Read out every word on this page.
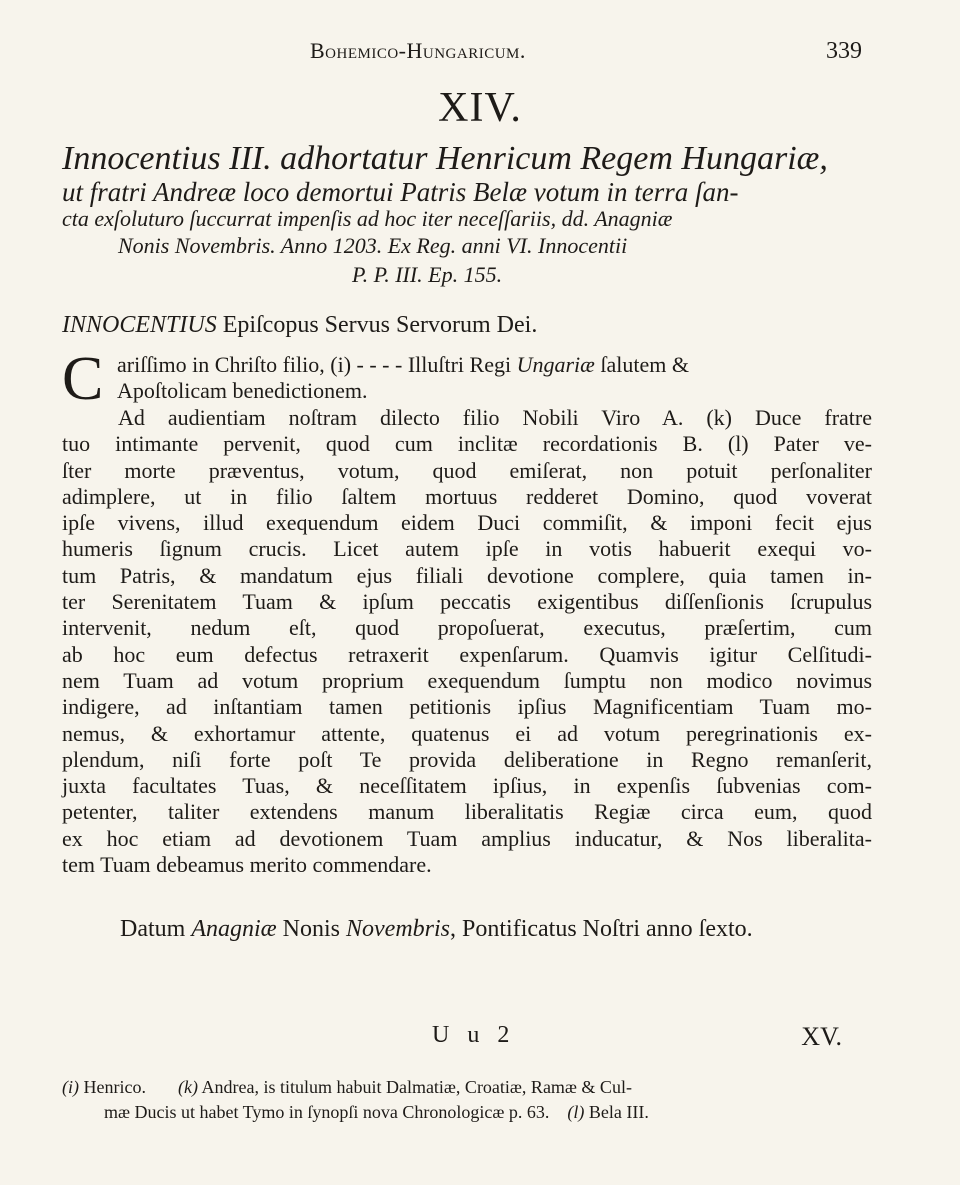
Bohemico-Hungaricum.	339
XIV.
Innocentius III. adhortatur Henricum Regem Hungariæ,
ut fratri Andreæ loco demortui Patris Belæ votum in terra ſan-
cta exſoluturo ſuccurrat impenſis ad hoc iter neceſſariis, dd. Anagniæ
Nonis Novembris. Anno 1203. Ex Reg. anni VI. Innocentii
P. P. III. Ep. 155.
INNOCENTIUS Epiſcopus Servus Servorum Dei.
C ariſſimo in Chriſto filio, (i) - - - - Illuſtri Regi Ungariæ ſalutem &
Apoſtolicam benedictionem.
Ad audientiam noſtram dilecto filio Nobili Viro A. (k) Duce fratre
tuo intimante pervenit, quod cum inclitæ recordationis B. (l) Pater ve-
ſter morte præventus, votum, quod emiſerat, non potuit perſonaliter
adimplere, ut in filio ſaltem mortuus redderet Domino, quod voverat
ipſe vivens, illud exequendum eidem Duci commiſit, & imponi fecit ejus
humeris ſignum crucis. Licet autem ipſe in votis habuerit exequi vo-
tum Patris, & mandatum ejus filiali devotione complere, quia tamen in-
ter Serenitatem Tuam & ipſum peccatis exigentibus diſſenſionis ſcrupulus
intervenit, nedum eſt, quod propoſuerat, executus, præſertim, cum
ab hoc eum defectus retraxerit expenſarum. Quamvis igitur Celſitudi-
nem Tuam ad votum proprium exequendum ſumptu non modico novimus
indigere, ad inſtantiam tamen petitionis ipſius Magnificentiam Tuam mo-
nemus, & exhortamur attente, quatenus ei ad votum peregrinationis ex-
plendum, niſi forte poſt Te provida deliberatione in Regno remanſerit,
juxta facultates Tuas, & neceſſitatem ipſius, in expenſis ſubvenias com-
petenter, taliter extendens manum liberalitatis Regiæ circa eum, quod
ex hoc etiam ad devotionem Tuam amplius inducatur, & Nos liberalita-
tem Tuam debeamus merito commendare.
Datum Anagniæ Nonis Novembris, Pontificatus Noſtri anno ſexto.
U u 2	XV.
(i) Henrico. (k) Andrea, is titulum habuit Dalmatiæ, Croatiæ, Ramæ & Cul-
mæ Ducis ut habet Tymo in ſynopſi nova Chronologicæ p. 63. (l) Bela III.
